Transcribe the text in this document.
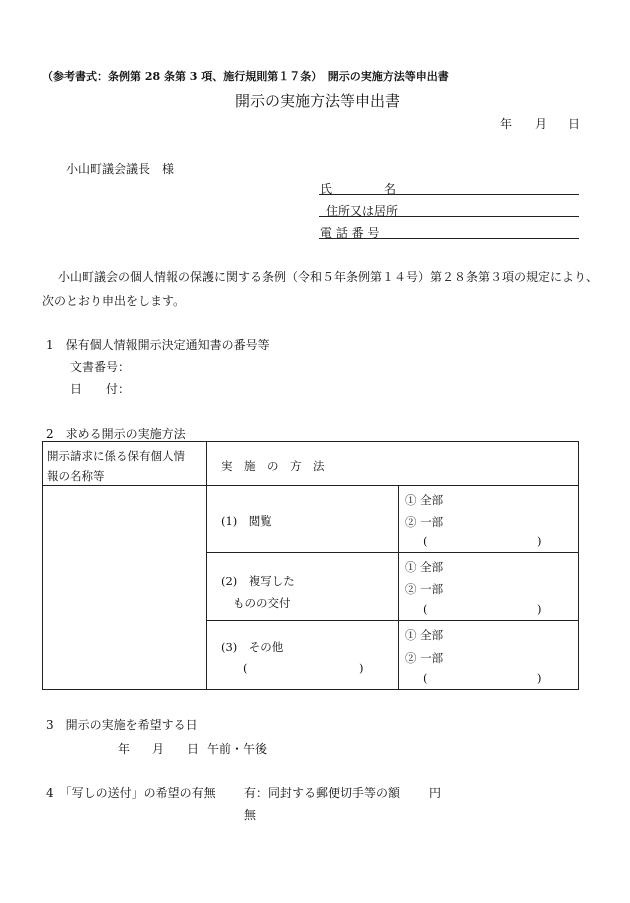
（参考書式：条例第 28 条第 3 項、施行規則第１７条）　開示の実施方法等申出書
開示の実施方法等申出書
年 月 日
小山町議会議長　様
氏	名
住所又は居所
電 話 番 号
小山町議会の個人情報の保護に関する条例（令和５年条例第１４号）第２８条第３項の規定により、
次のとおり申出をします。
1　保有個人情報開示決定通知書の番号等
文書番号：
日　　付：
2　求める開示の実施方法
開示請求に係る保有個人情
報の名称等	実　施　の　方　法	

	(1)　閲覧	① 全部
② 一部
( )

	(2)　複写した
ものの交付	① 全部
② 一部
( )

	(3)　その他
( )	① 全部
② 一部
( )
3　開示の実施を希望する日
年 月 日 午前・午後
4　「写しの送付」の希望の有無 有：同封する郵便切手等の額 円
無
